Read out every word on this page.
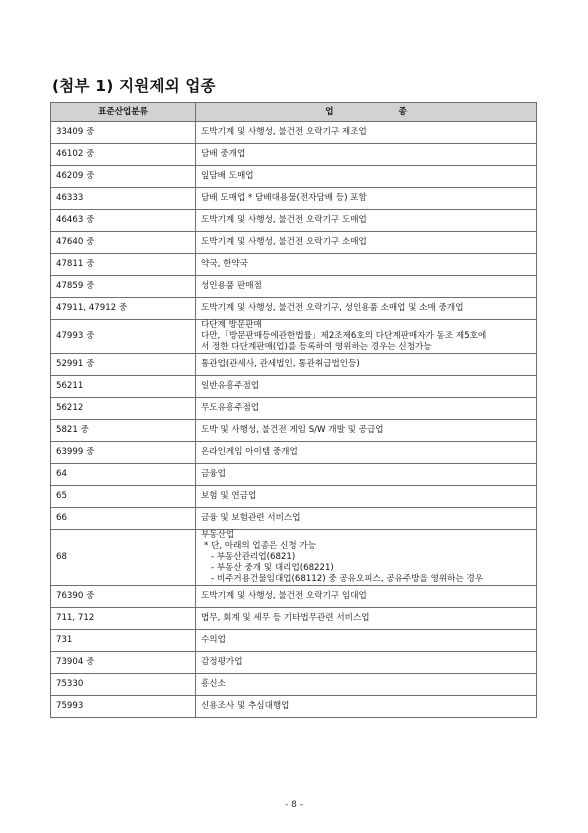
(첨부 1) 지원제외 업종
표준산업분류	업 종
33409 중	도박기계 및 사행성, 불건전 오락기구 제조업

46102 중	담배 중개업

46209 중	잎담배 도매업

46333	담배 도매업 * 담배대용물(전자담배 등) 포함

46463 중	도박기계 및 사행성, 불건전 오락기구 도매업

47640 중	도박기계 및 사행성, 불건전 오락기구 소매업

47811 중	약국, 한약국

47859 중	성인용품 판매점

47911, 47912 중	도박기계 및 사행성, 불건전 오락기구, 성인용품 소매업 및 소매 중개업

47993 중	다단계 방문판매
다만,「방문판매등에관한법률」제2조제6호의 다단계판매자가 동조 제5호에
서 정한 다단계판매(업)를 등록하여 영위하는 경우는 신청가능

52991 중	통관업(관세사, 관세법인, 통관취급법인등)

56211	일반유흥주점업

56212	무도유흥주점업

5821 중	도박 및 사행성, 불건전 게임 S/W 개발 및 공급업

63999 중	온라인게임 아이템 중개업

64	금융업

65	보험 및 연금업

66	금융 및 보험관련 서비스업

68	부동산업
* 단, 아래의 업종은 신청 가능
- 부동산관리업(6821)
- 부동산 중개 및 대리업(68221)
- 비주거용건물임대업(68112) 중 공유오피스, 공유주방을 영위하는 경우

76390 중	도박기계 및 사행성, 불건전 오락기구 임대업

711, 712	법무, 회계 및 세무 등 기타법무관련 서비스업

731	수의업

73904 중	감정평가업

75330	흥신소

75993	신용조사 및 추심대행업
- 8 -
